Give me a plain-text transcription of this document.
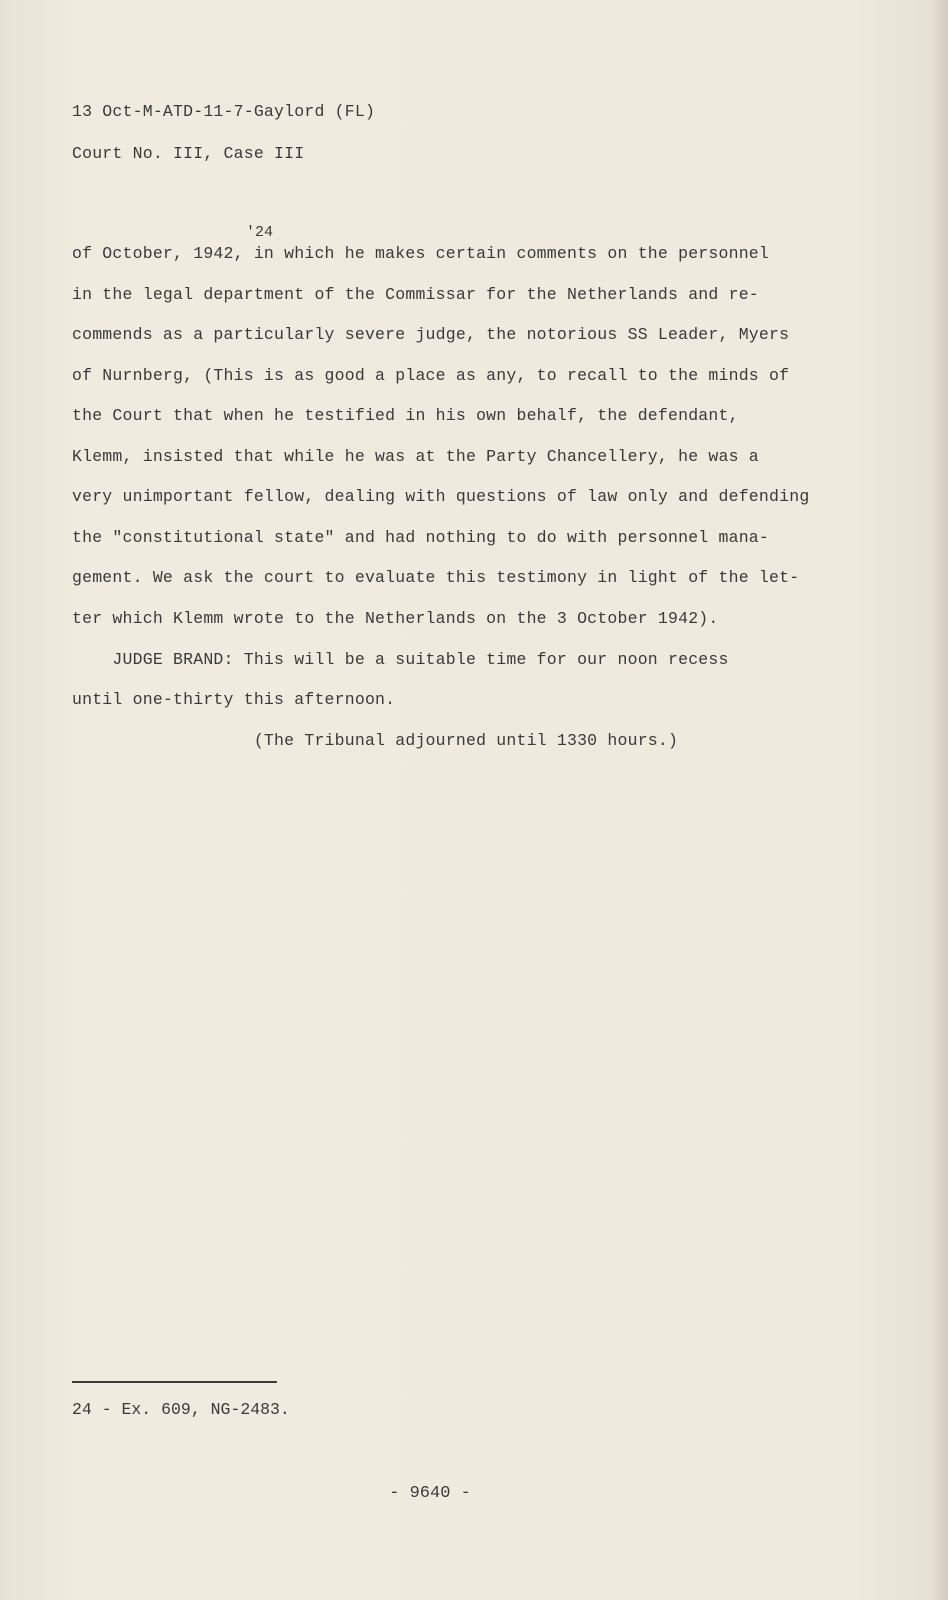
13 Oct-M-ATD-11-7-Gaylord (FL)
Court No. III, Case III
'24
of October, 1942, in which he makes certain comments on the personnel
in the legal department of the Commissar for the Netherlands and re-
commends as a particularly severe judge, the notorious SS Leader, Myers
of Nurnberg, (This is as good a place as any, to recall to the minds of
the Court that when he testified in his own behalf, the defendant,
Klemm, insisted that while he was at the Party Chancellery, he was a
very unimportant fellow, dealing with questions of law only and defending
the "constitutional state" and had nothing to do with personnel mana-
gement. We ask the court to evaluate this testimony in light of the let-
ter which Klemm wrote to the Netherlands on the 3 October 1942).
JUDGE BRAND: This will be a suitable time for our noon recess
until one-thirty this afternoon.
(The Tribunal adjourned until 1330 hours.)
24 - Ex. 609, NG-2483.
- 9640 -
